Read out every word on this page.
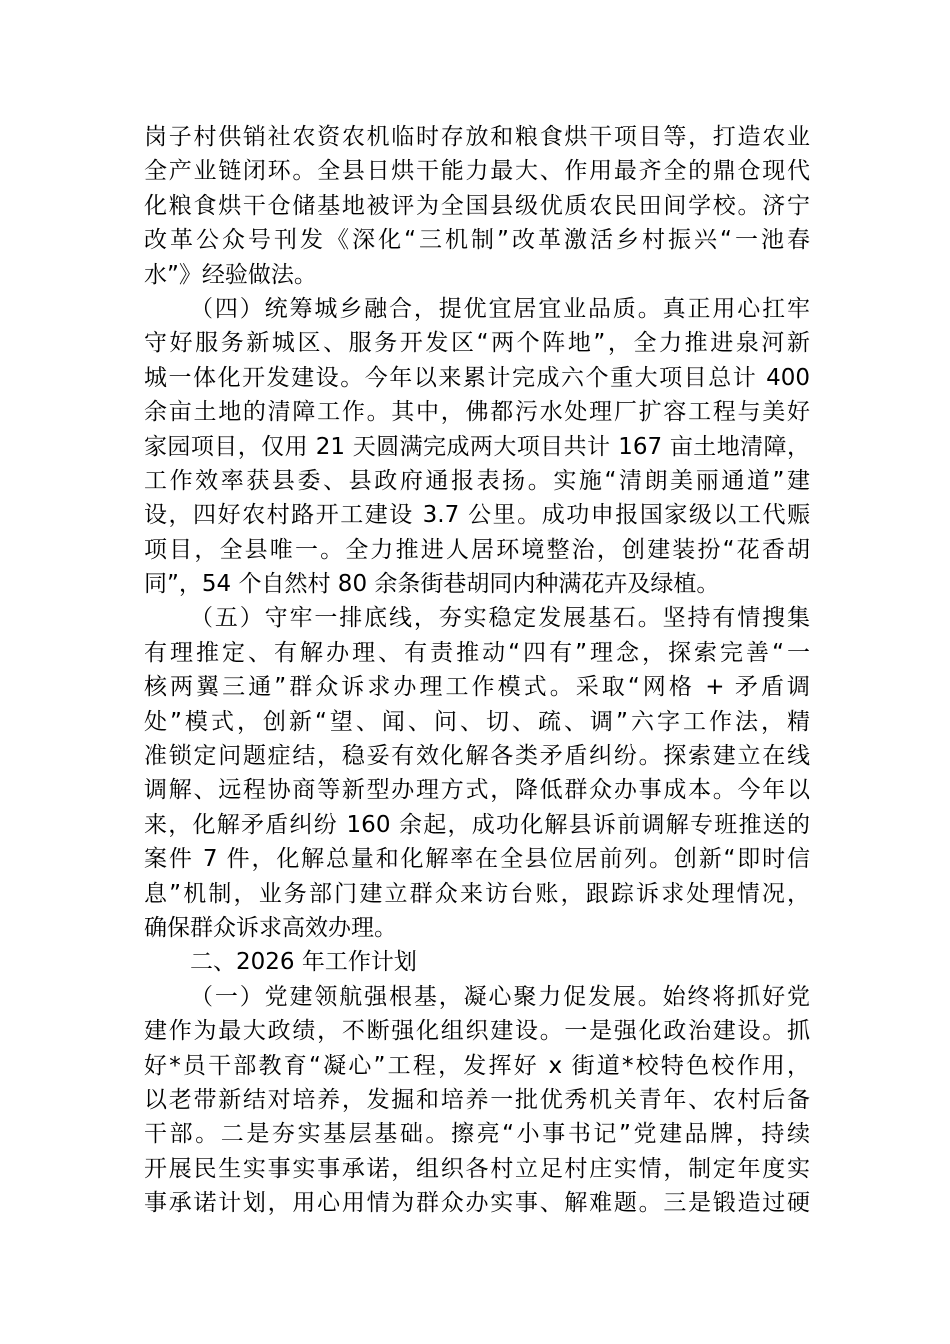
岗子村供销社农资农机临时存放和粮食烘干项目等，打造农业
全产业链闭环。全县日烘干能力最大、作用最齐全的鼎仓现代
化粮食烘干仓储基地被评为全国县级优质农民田间学校。济宁
改革公众号刊发《深化“三机制”改革激活乡村振兴“一池春
水”》经验做法。
（四）统筹城乡融合，提优宜居宜业品质。真正用心扛牢
守好服务新城区、服务开发区“两个阵地”，全力推进泉河新
城一体化开发建设。今年以来累计完成六个重大项目总计 400
余亩土地的清障工作。其中，佛都污水处理厂扩容工程与美好
家园项目，仅用 21 天圆满完成两大项目共计 167 亩土地清障，
工作效率获县委、县政府通报表扬。实施“清朗美丽通道”建
设，四好农村路开工建设 3.7 公里。成功申报国家级以工代赈
项目，全县唯一。全力推进人居环境整治，创建装扮“花香胡
同”，54 个自然村 80 余条街巷胡同内种满花卉及绿植。
（五）守牢一排底线，夯实稳定发展基石。坚持有情搜集
有理推定、有解办理、有责推动“四有”理念，探索完善“一
核两翼三通”群众诉求办理工作模式。采取“网格 + 矛盾调
处”模式，创新“望、闻、问、切、疏、调”六字工作法，精
准锁定问题症结，稳妥有效化解各类矛盾纠纷。探索建立在线
调解、远程协商等新型办理方式，降低群众办事成本。今年以
来，化解矛盾纠纷 160 余起，成功化解县诉前调解专班推送的
案件 7 件，化解总量和化解率在全县位居前列。创新“即时信
息”机制，业务部门建立群众来访台账，跟踪诉求处理情况，
确保群众诉求高效办理。
二、2026 年工作计划
（一）党建领航强根基，凝心聚力促发展。始终将抓好党
建作为最大政绩，不断强化组织建设。一是强化政治建设。抓
好*员干部教育“凝心”工程，发挥好 x 街道*校特色校作用，
以老带新结对培养，发掘和培养一批优秀机关青年、农村后备
干部。二是夯实基层基础。擦亮“小事书记”党建品牌，持续
开展民生实事实事承诺，组织各村立足村庄实情，制定年度实
事承诺计划，用心用情为群众办实事、解难题。三是锻造过硬
